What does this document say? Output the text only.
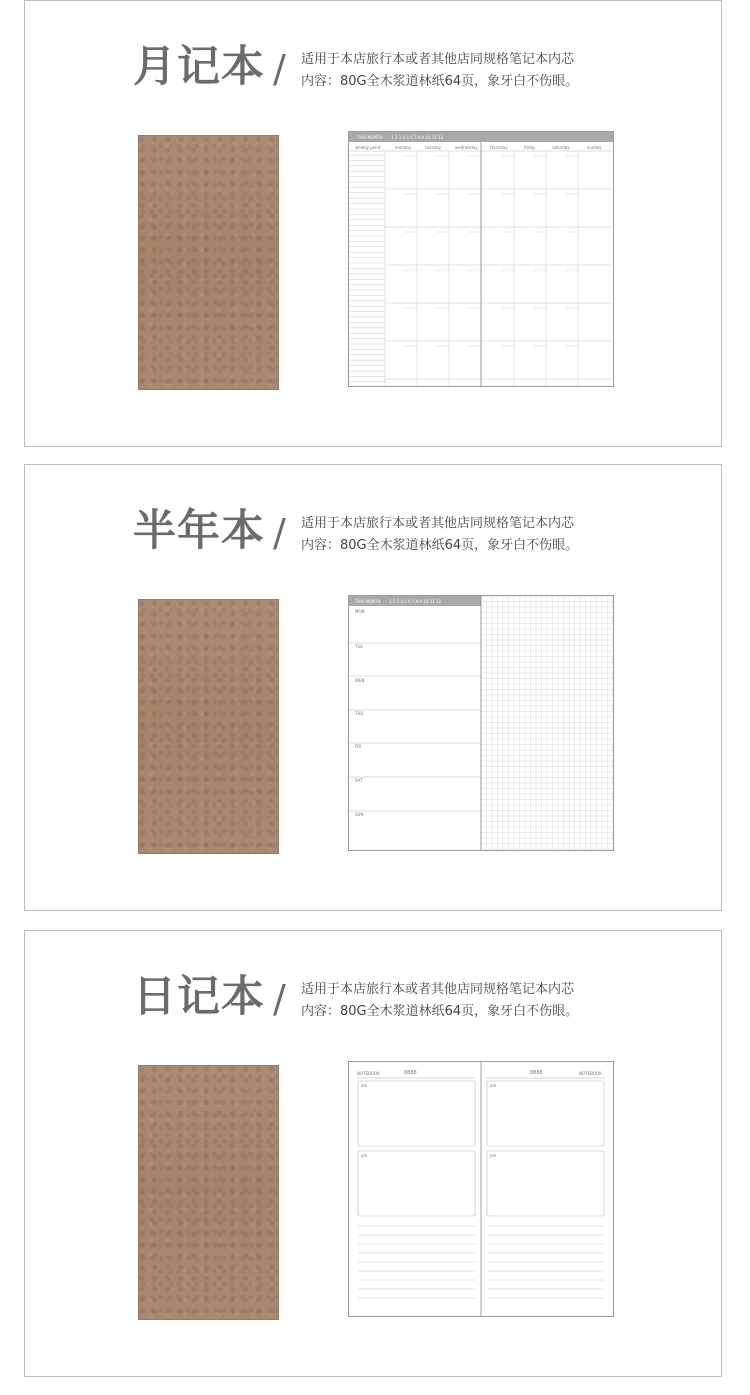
月记本 / 适用于本店旅行本或者其他店同规格笔记本内芯
内容：80G全木浆道林纸64页，象牙白不伤眼。
THIS MONTH 1 2 3 4 5 6 7 8 9 10 11 12
weekly point	monday	tuesday	wednesday	thursday	friday	saturday	sunday
半年本 / 适用于本店旅行本或者其他店同规格笔记本内芯
内容：80G全木浆道林纸64页，象牙白不伤眼。
THIS MONTH 1 2 3 4 5 6 7 8 9 10 11 12
MON
TUE
WEN
THU
FRI
SAT
SUN
日记本 / 适用于本店旅行本或者其他店同规格笔记本内芯
内容：80G全木浆道林纸64页，象牙白不伤眼。
NOTEBOOK	8888
am
pm
NOTEBOOK
8888
am
pm
